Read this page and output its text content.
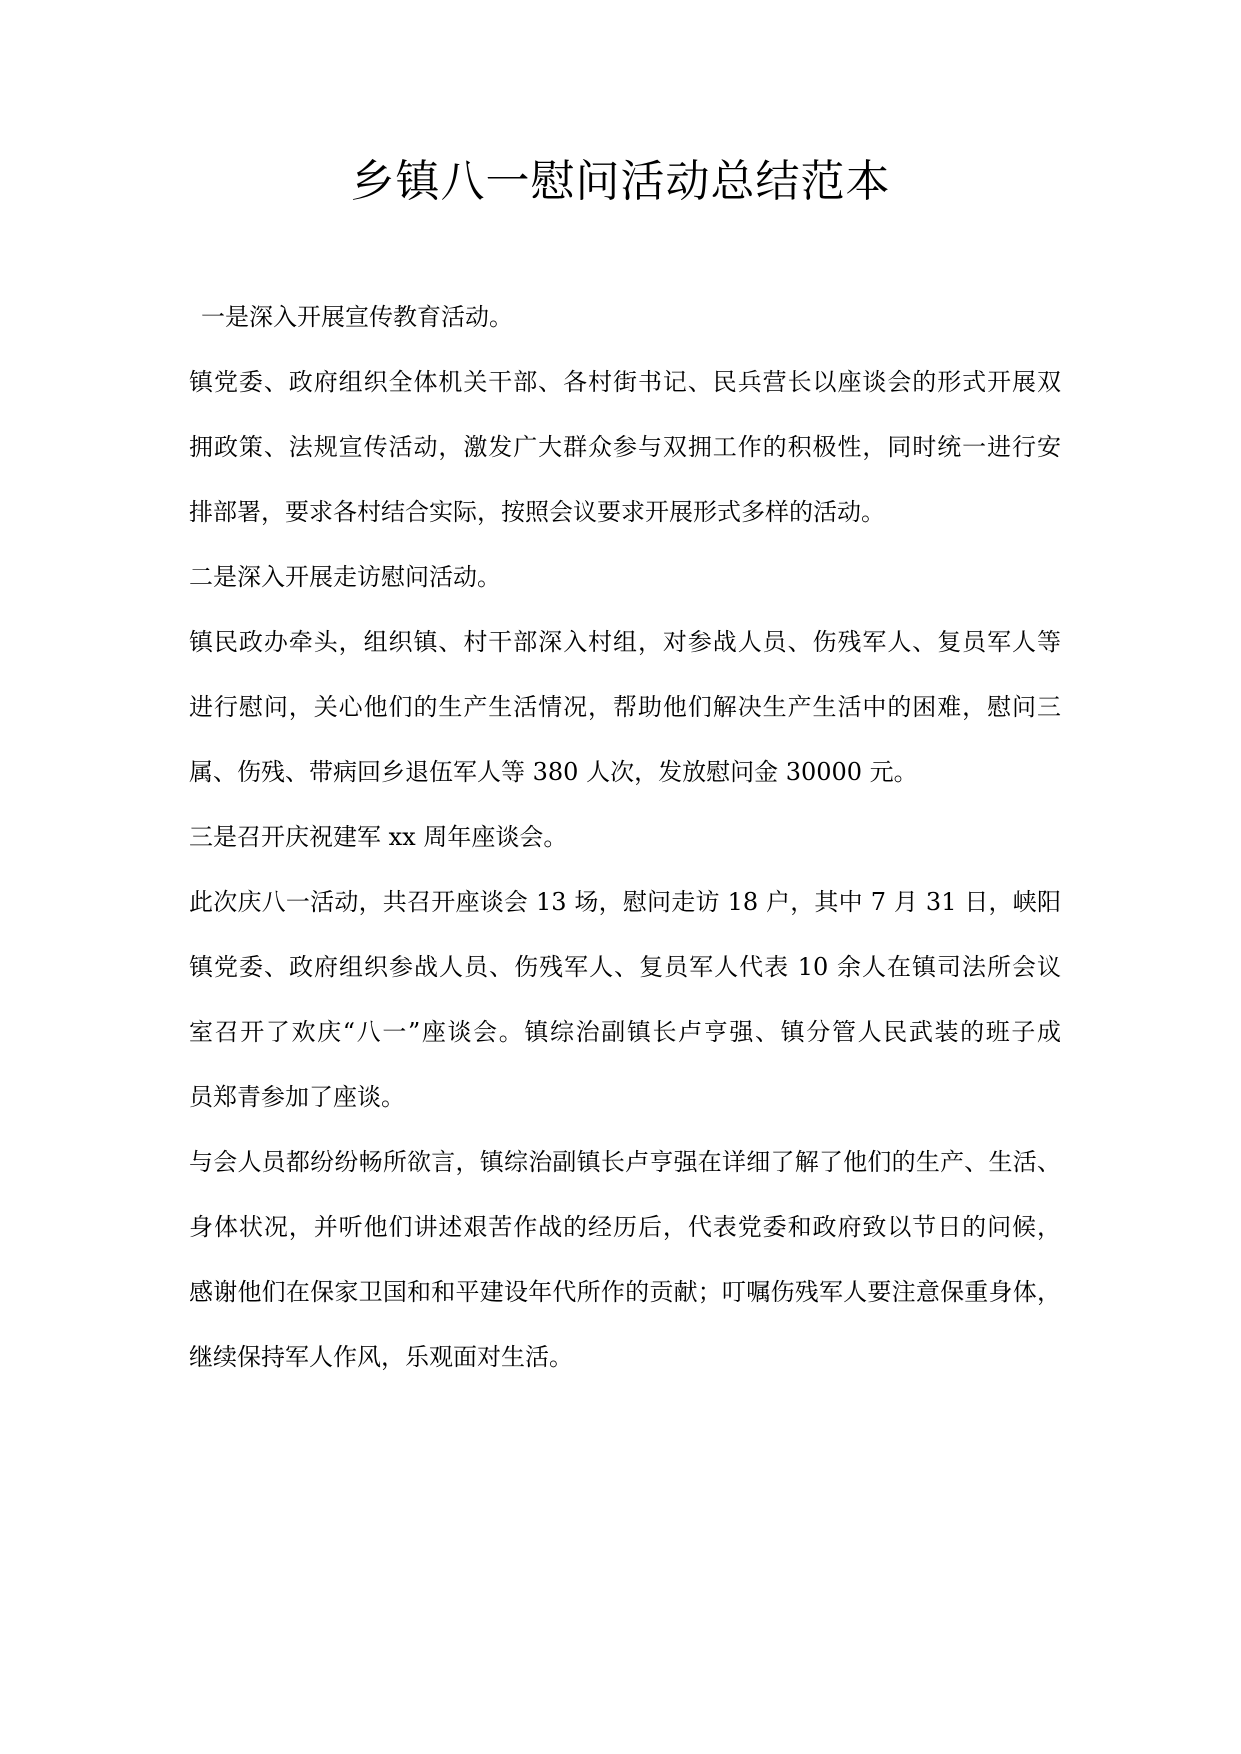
乡镇八一慰问活动总结范本
一是深入开展宣传教育活动。
镇党委、政府组织全体机关干部、各村街书记、民兵营长以座谈会的形式开展双
拥政策、法规宣传活动，激发广大群众参与双拥工作的积极性，同时统一进行安
排部署，要求各村结合实际，按照会议要求开展形式多样的活动。
二是深入开展走访慰问活动。
镇民政办牵头，组织镇、村干部深入村组，对参战人员、伤残军人、复员军人等
进行慰问，关心他们的生产生活情况，帮助他们解决生产生活中的困难，慰问三
属、伤残、带病回乡退伍军人等 380 人次，发放慰问金 30000 元。
三是召开庆祝建军 xx 周年座谈会。
此次庆八一活动，共召开座谈会 13 场，慰问走访 18 户，其中 7 月 31 日，峡阳
镇党委、政府组织参战人员、伤残军人、复员军人代表 10 余人在镇司法所会议
室召开了欢庆“八一”座谈会。镇综治副镇长卢亨强、镇分管人民武装的班子成
员郑青参加了座谈。
与会人员都纷纷畅所欲言，镇综治副镇长卢亨强在详细了解了他们的生产、生活、
身体状况，并听他们讲述艰苦作战的经历后，代表党委和政府致以节日的问候，
感谢他们在保家卫国和和平建设年代所作的贡献；叮嘱伤残军人要注意保重身体，
继续保持军人作风，乐观面对生活。
